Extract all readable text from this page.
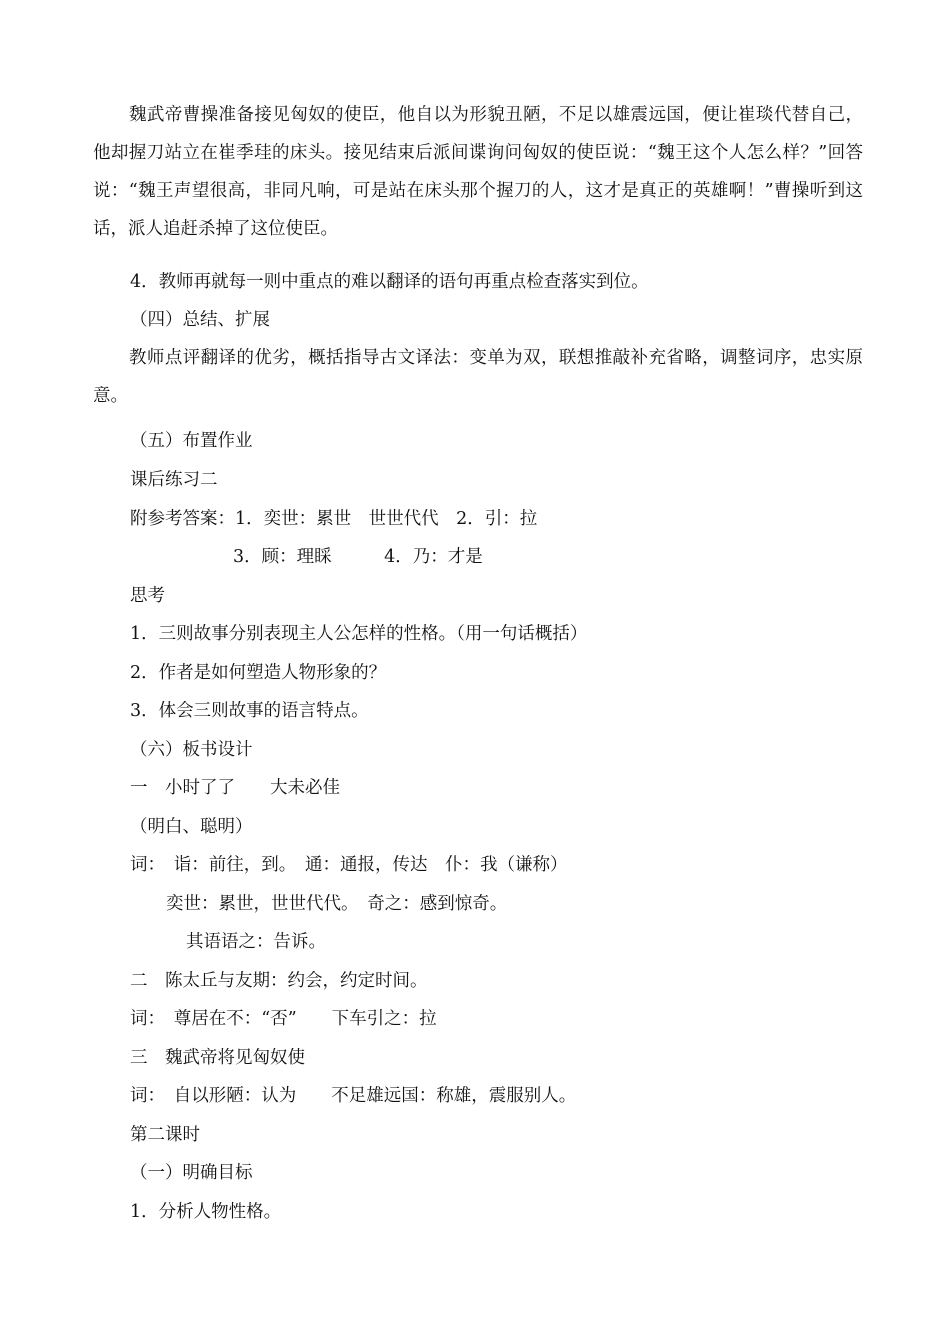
魏武帝曹操准备接见匈奴的使臣，他自以为形貌丑陋，不足以雄震远国，便让崔琰代替自己，他却握刀站立在崔季珪的床头。接见结束后派间谍询问匈奴的使臣说：“魏王这个人怎么样？”回答说：“魏王声望很高，非同凡响，可是站在床头那个握刀的人，这才是真正的英雄啊！”曹操听到这话，派人追赶杀掉了这位使臣。

4．教师再就每一则中重点的难以翻译的语句再重点检查落实到位。

（四）总结、扩展

教师点评翻译的优劣，概括指导古文译法：变单为双，联想推敲补充省略，调整词序，忠实原意。

（五）布置作业

课后练习二

附参考答案：1．奕世：累世　世世代代　2．引：拉

3．顾：理睬　　　4．乃：才是

思考

1．三则故事分别表现主人公怎样的性格。（用一句话概括）

2．作者是如何塑造人物形象的？

3．体会三则故事的语言特点。

（六）板书设计

一　小时了了　　大未必佳

（明白、聪明）

词：　诣：前往，到。　通：通报，传达　仆：我（谦称）

奕世：累世，世世代代。　奇之：感到惊奇。

其语语之：告诉。

二　陈太丘与友期：约会，约定时间。

词：　尊居在不：“否”　　下车引之：拉

三　魏武帝将见匈奴使

词：　自以形陋：认为　　不足雄远国：称雄，震服别人。

第二课时

（一）明确目标

1．分析人物性格。
